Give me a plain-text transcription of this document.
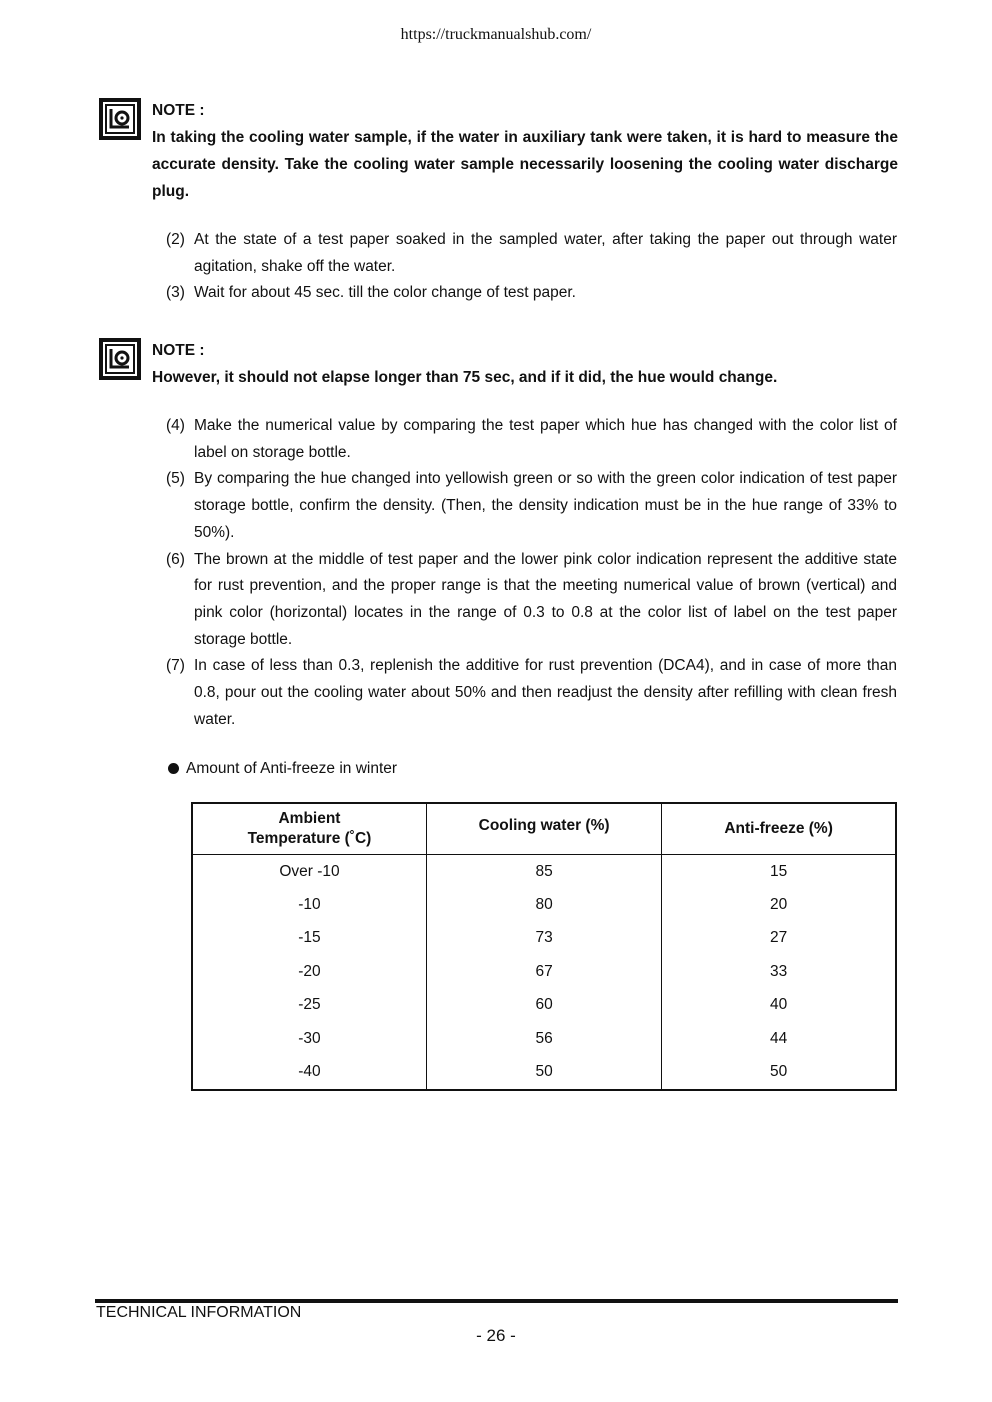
https://truckmanualshub.com/
NOTE :
In taking the cooling water sample, if the water in auxiliary tank were taken, it is hard to measure the accurate density. Take the cooling water sample necessarily loosening the cooling water discharge plug.
(2) At the state of a test paper soaked in the sampled water, after taking the paper out through water agitation, shake off the water.
(3) Wait for about 45 sec. till the color change of test paper.
NOTE :
However, it should not elapse longer than 75 sec, and if it did, the hue would change.
(4) Make the numerical value by comparing the test paper which hue has changed with the color list of label on storage bottle.
(5) By comparing the hue changed into yellowish green or so with the green color indication of test paper storage bottle, confirm the density. (Then, the density indication must be in the hue range of 33% to 50%).
(6) The brown at the middle of test paper and the lower pink color indication represent the additive state for rust prevention, and the proper range is that the meeting numerical value of brown (vertical) and pink color (horizontal) locates in the range of 0.3 to 0.8 at the color list of label on the test paper storage bottle.
(7) In case of less than 0.3, replenish the additive for rust prevention (DCA4), and in case of more than 0.8, pour out the cooling water about 50% and then readjust the density after refilling with clean fresh water.
Amount of Anti-freeze in winter
Ambient
Temperature (˚C)	Cooling water (%)	Anti-freeze (%)
Over -10	85	15
-10	80	20
-15	73	27
-20	67	33
-25	60	40
-30	56	44
-40	50	50
TECHNICAL INFORMATION
- 26 -
